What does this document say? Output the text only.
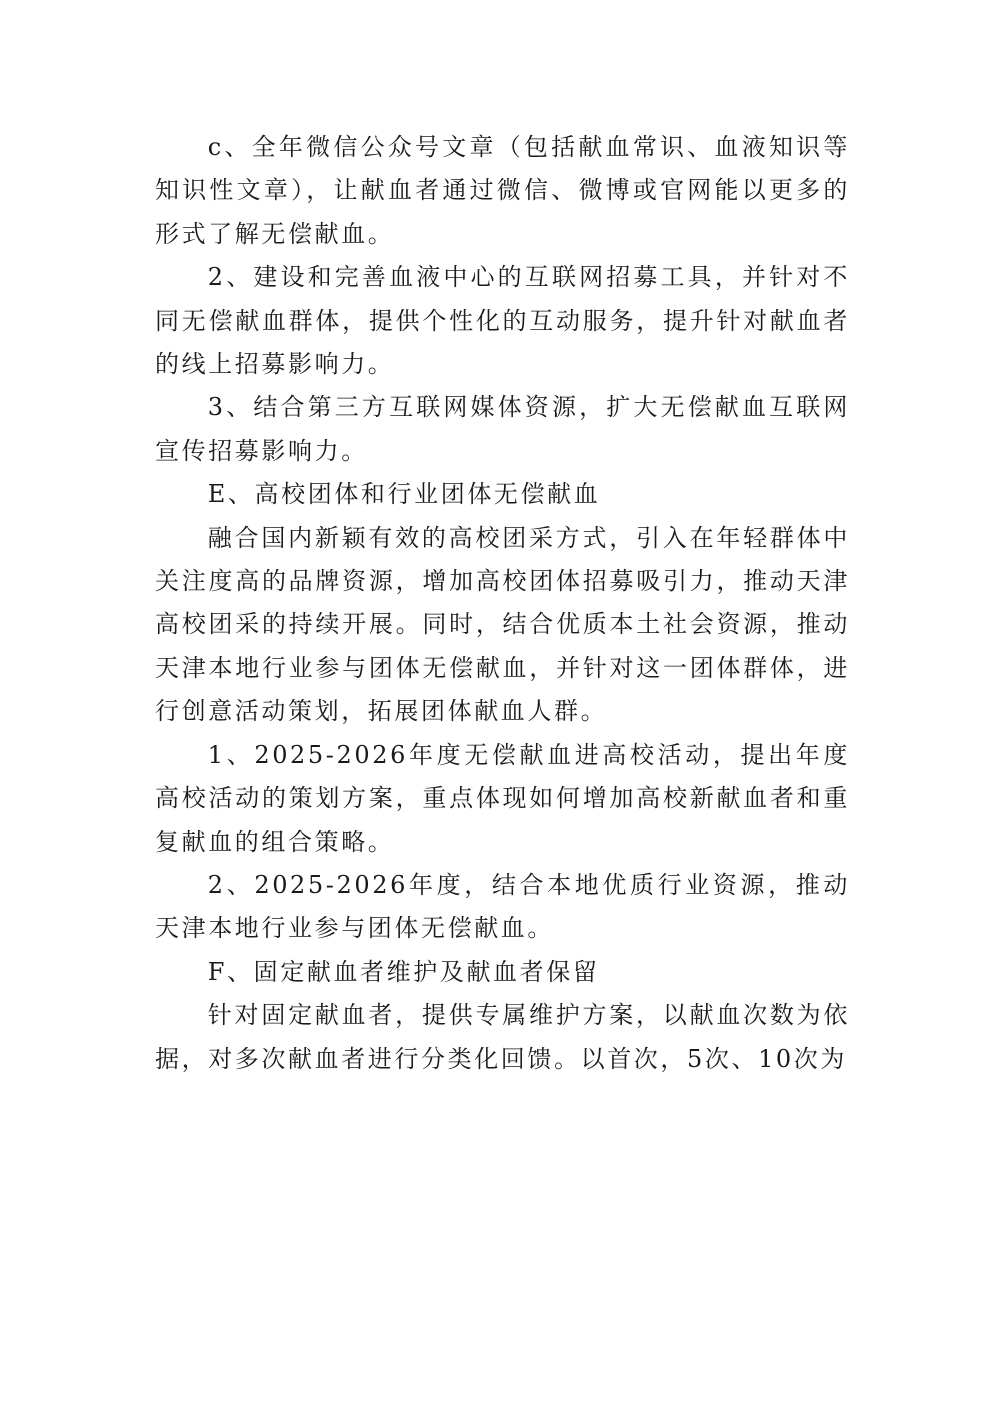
c、全年微信公众号文章（包括献血常识、血液知识等知识性文章），让献血者通过微信、微博或官网能以更多的形式了解无偿献血。

2、建设和完善血液中心的互联网招募工具，并针对不同无偿献血群体，提供个性化的互动服务，提升针对献血者的线上招募影响力。

3、结合第三方互联网媒体资源，扩大无偿献血互联网宣传招募影响力。

E、高校团体和行业团体无偿献血

融合国内新颖有效的高校团采方式，引入在年轻群体中关注度高的品牌资源，增加高校团体招募吸引力，推动天津高校团采的持续开展。同时，结合优质本土社会资源，推动天津本地行业参与团体无偿献血，并针对这一团体群体，进行创意活动策划，拓展团体献血人群。

1、2025-2026年度无偿献血进高校活动，提出年度高校活动的策划方案，重点体现如何增加高校新献血者和重复献血的组合策略。

2、2025-2026年度，结合本地优质行业资源，推动天津本地行业参与团体无偿献血。

F、固定献血者维护及献血者保留

针对固定献血者，提供专属维护方案，以献血次数为依据，对多次献血者进行分类化回馈。以首次，5次、10次为
